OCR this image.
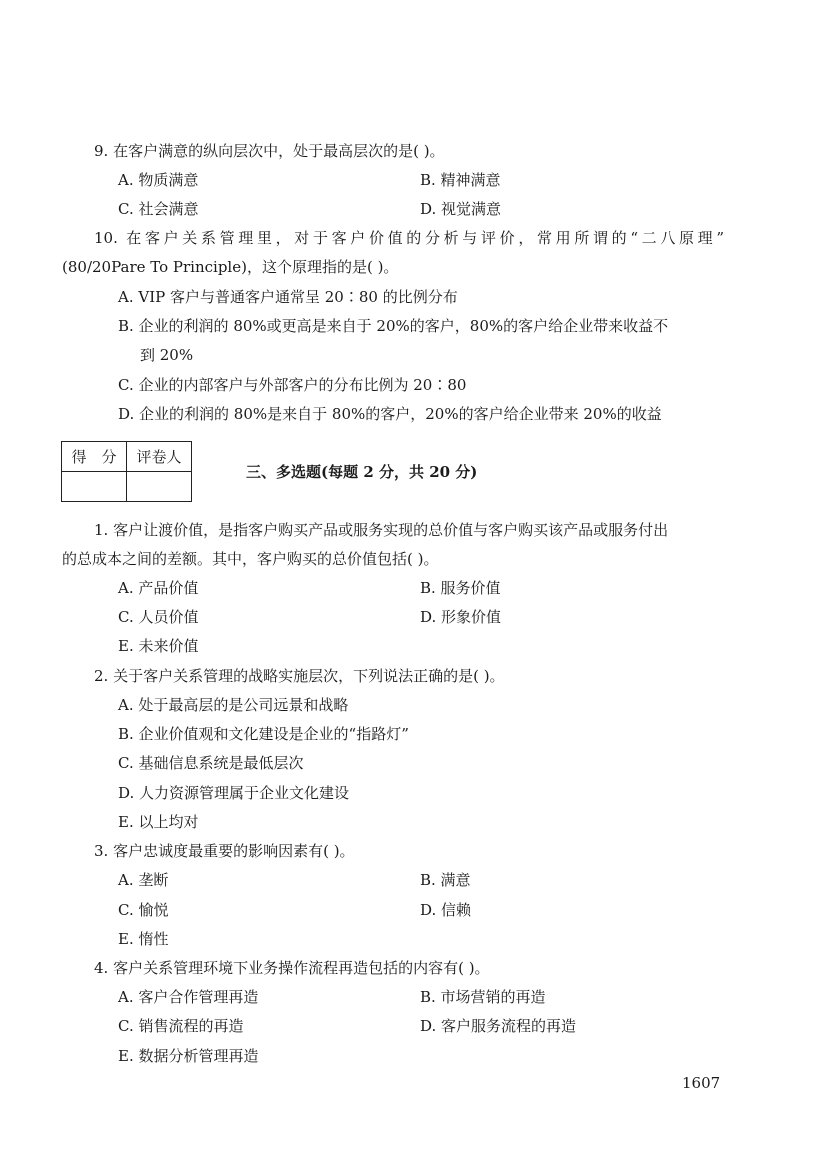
9. 在客户满意的纵向层次中，处于最高层次的是( )。
A. 物质满意	B. 精神满意
C. 社会满意	D. 视觉满意
10. 在客户关系管理里，对于客户价值的分析与评价，常用所谓的“二八原理”
(80/20Pare To Principle)，这个原理指的是( )。
A. VIP 客户与普通客户通常呈 20∶80 的比例分布
B. 企业的利润的 80%或更高是来自于 20%的客户，80%的客户给企业带来收益不
到 20%
C. 企业的内部客户与外部客户的分布比例为 20∶80
D. 企业的利润的 80%是来自于 80%的客户，20%的客户给企业带来 20%的收益
得　分	评卷人

三、多选题(每题 2 分，共 20 分)
1. 客户让渡价值，是指客户购买产品或服务实现的总价值与客户购买该产品或服务付出
的总成本之间的差额。其中，客户购买的总价值包括( )。
A. 产品价值	B. 服务价值
C. 人员价值	D. 形象价值
E. 未来价值
2. 关于客户关系管理的战略实施层次，下列说法正确的是( )。
A. 处于最高层的是公司远景和战略
B. 企业价值观和文化建设是企业的“指路灯”
C. 基础信息系统是最低层次
D. 人力资源管理属于企业文化建设
E. 以上均对
3. 客户忠诚度最重要的影响因素有( )。
A. 垄断	B. 满意
C. 愉悦	D. 信赖
E. 惰性
4. 客户关系管理环境下业务操作流程再造包括的内容有( )。
A. 客户合作管理再造	B. 市场营销的再造
C. 销售流程的再造	D. 客户服务流程的再造
E. 数据分析管理再造
1607
